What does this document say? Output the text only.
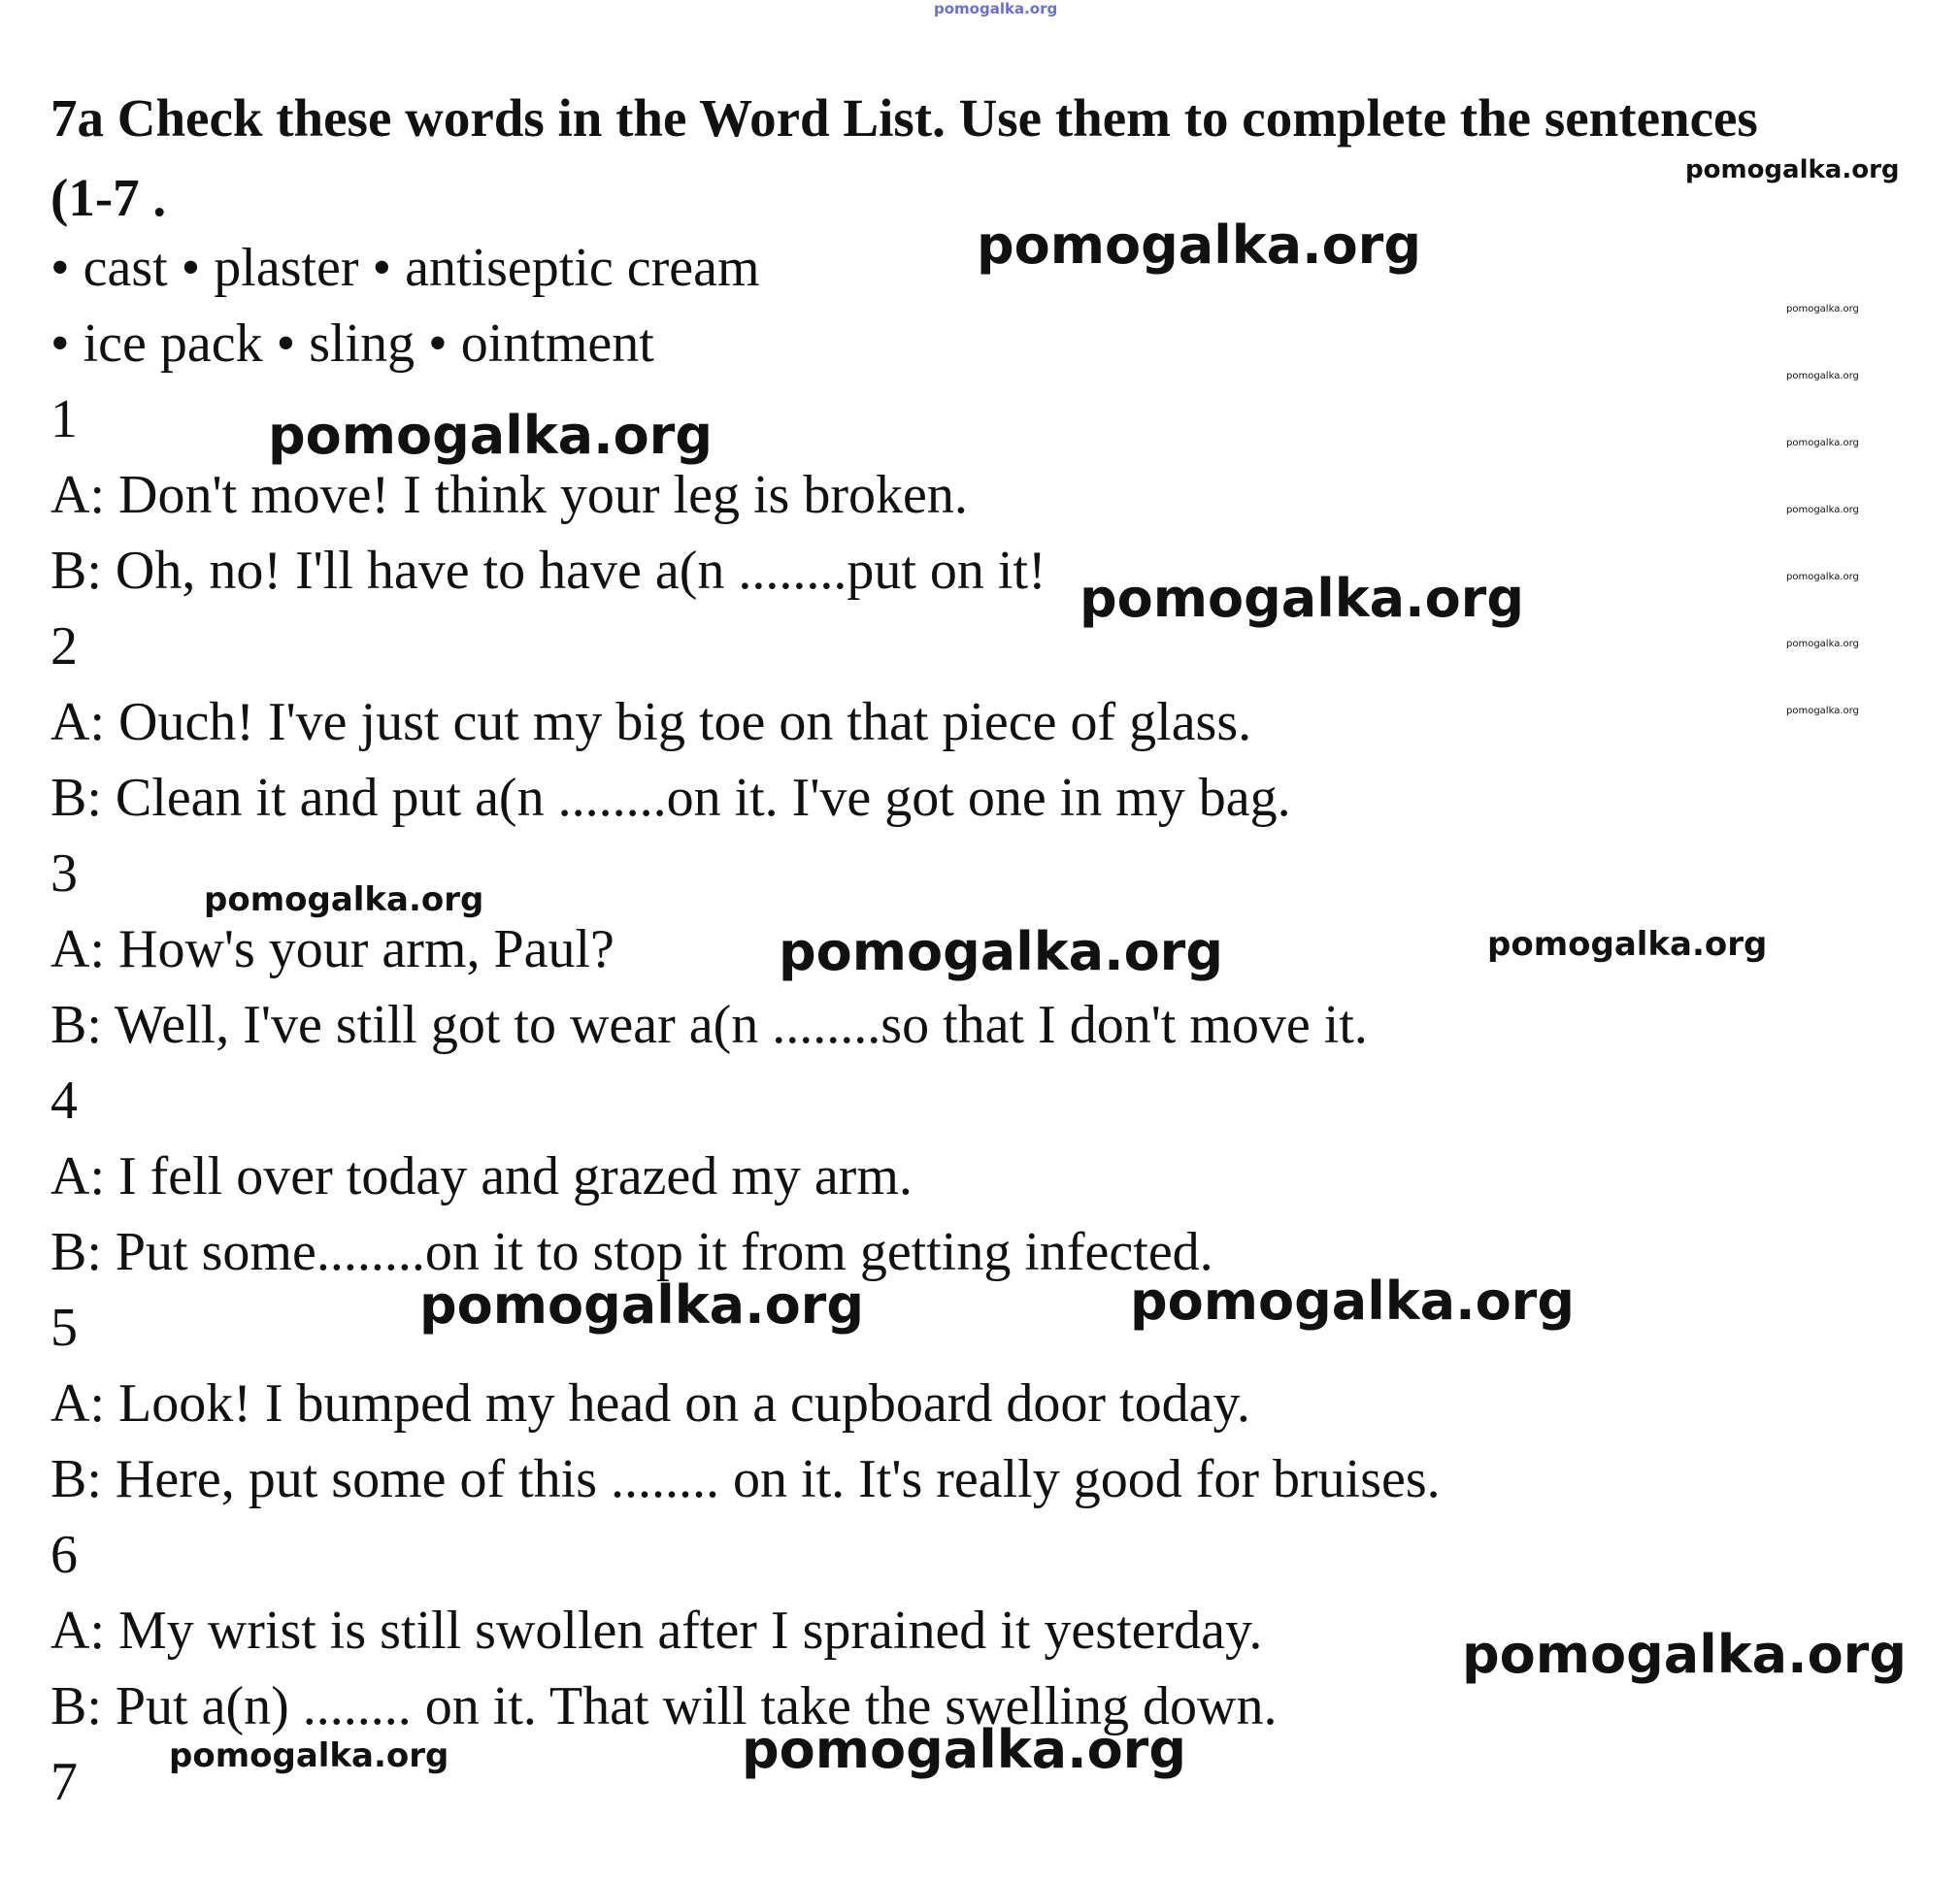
pomogalka.org
7a Check these words in the Word List. Use them to complete the sentences
(1-7 .
• cast • plaster • antiseptic cream
• ice pack • sling • ointment
1
A: Don't move! I think your leg is broken.
B: Oh, no! I'll have to have a(n ........put on it!
2
A: Ouch! I've just cut my big toe on that piece of glass.
B: Clean it and put a(n ........on it. I've got one in my bag.
3
A: How's your arm, Paul?
B: Well, I've still got to wear a(n ........so that I don't move it.
4
A: I fell over today and grazed my arm.
B: Put some........on it to stop it from getting infected.
5
A: Look! I bumped my head on a cupboard door today.
B: Here, put some of this ........ on it. It's really good for bruises.
6
A: My wrist is still swollen after I sprained it yesterday.
B: Put a(n) ........ on it. That will take the swelling down.
7
pomogalka.org
pomogalka.org
pomogalka.org
pomogalka.org
pomogalka.org
pomogalka.org
pomogalka.org
pomogalka.org
pomogalka.org
pomogalka.org
pomogalka.org
pomogalka.org
pomogalka.org	pomogalka.org
pomogalka.org	pomogalka.org
pomogalka.org
pomogalka.org	pomogalka.org
